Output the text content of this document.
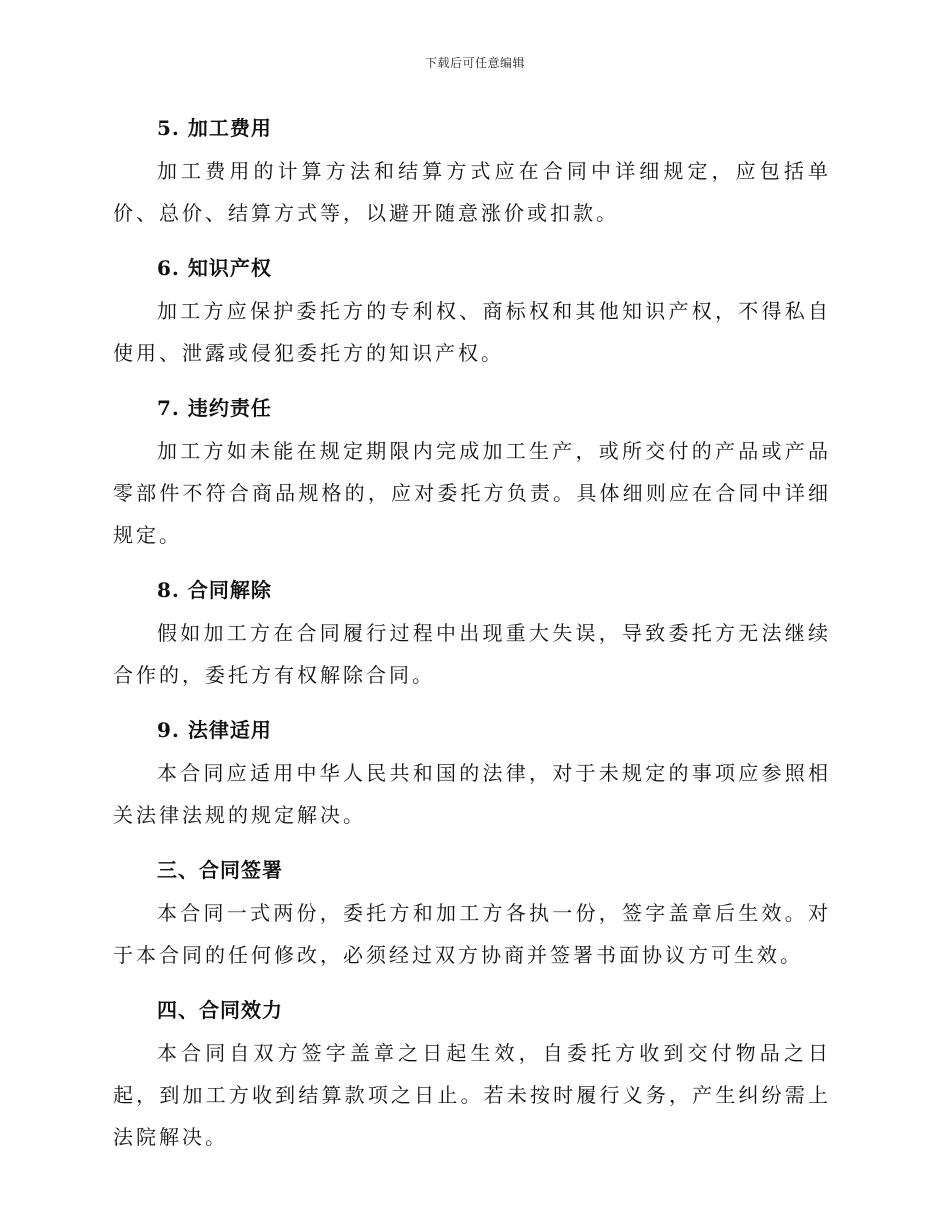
下载后可任意编辑
5. 加工费用

加工费用的计算方法和结算方式应在合同中详细规定，应包括单价、总价、结算方式等，以避开随意涨价或扣款。

6. 知识产权

加工方应保护委托方的专利权、商标权和其他知识产权，不得私自使用、泄露或侵犯委托方的知识产权。

7. 违约责任

加工方如未能在规定期限内完成加工生产，或所交付的产品或产品零部件不符合商品规格的，应对委托方负责。具体细则应在合同中详细规定。

8. 合同解除

假如加工方在合同履行过程中出现重大失误，导致委托方无法继续合作的，委托方有权解除合同。

9. 法律适用

本合同应适用中华人民共和国的法律，对于未规定的事项应参照相关法律法规的规定解决。

三、合同签署

本合同一式两份，委托方和加工方各执一份，签字盖章后生效。对于本合同的任何修改，必须经过双方协商并签署书面协议方可生效。

四、合同效力

本合同自双方签字盖章之日起生效，自委托方收到交付物品之日起，到加工方收到结算款项之日止。若未按时履行义务，产生纠纷需上法院解决。
